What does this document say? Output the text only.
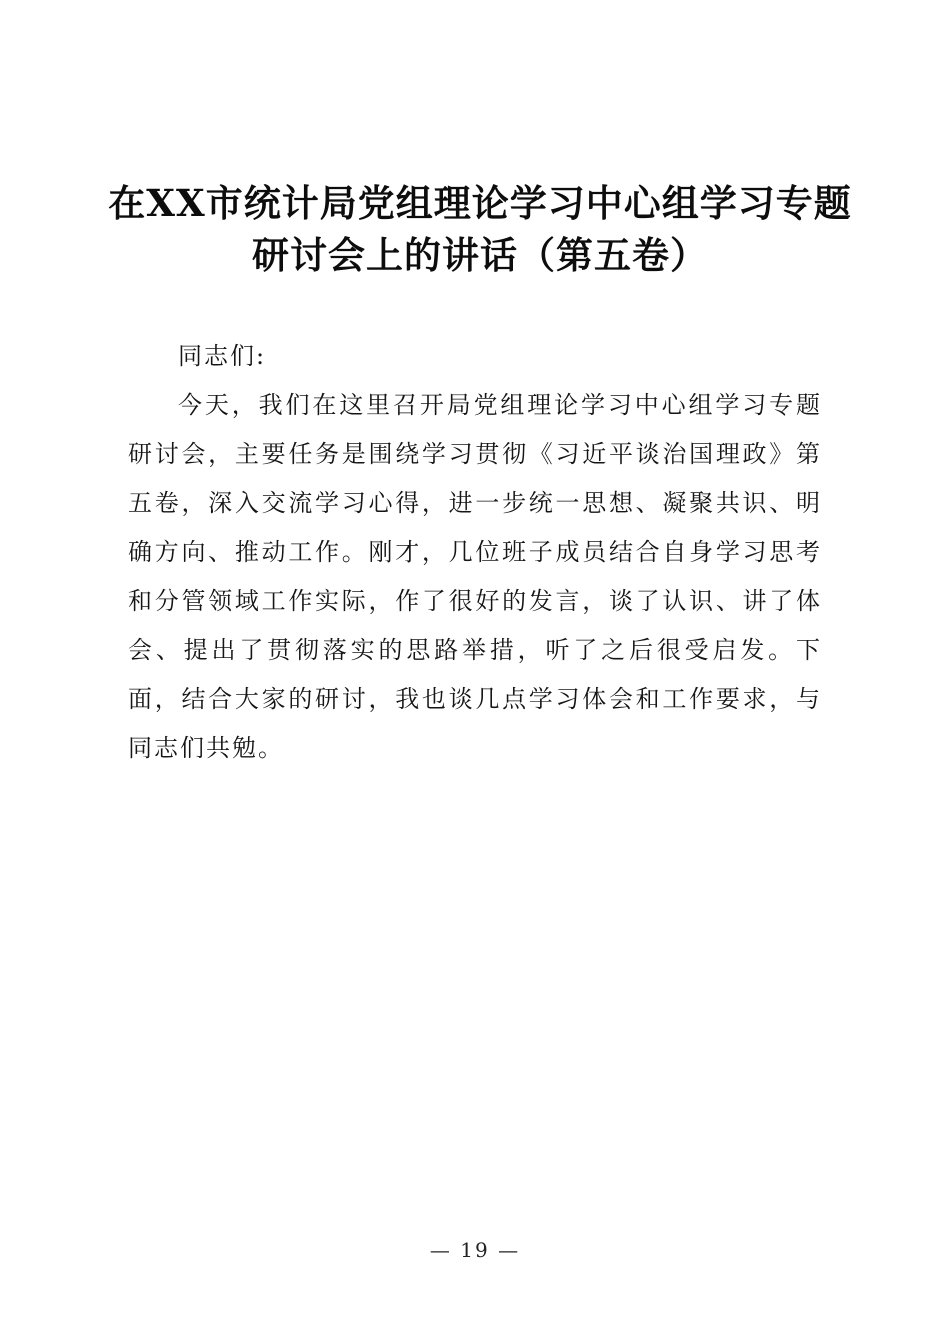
在XX市统计局党组理论学习中心组学习专题
研讨会上的讲话（第五卷）

同志们:

今天，我们在这里召开局党组理论学习中心组学习专题研讨会，主要任务是围绕学习贯彻《习近平谈治国理政》第五卷，深入交流学习心得，进一步统一思想、凝聚共识、明确方向、推动工作。刚才，几位班子成员结合自身学习思考和分管领域工作实际，作了很好的发言，谈了认识、讲了体会、提出了贯彻落实的思路举措，听了之后很受启发。下面，结合大家的研讨，我也谈几点学习体会和工作要求，与同志们共勉。

— 19 —
